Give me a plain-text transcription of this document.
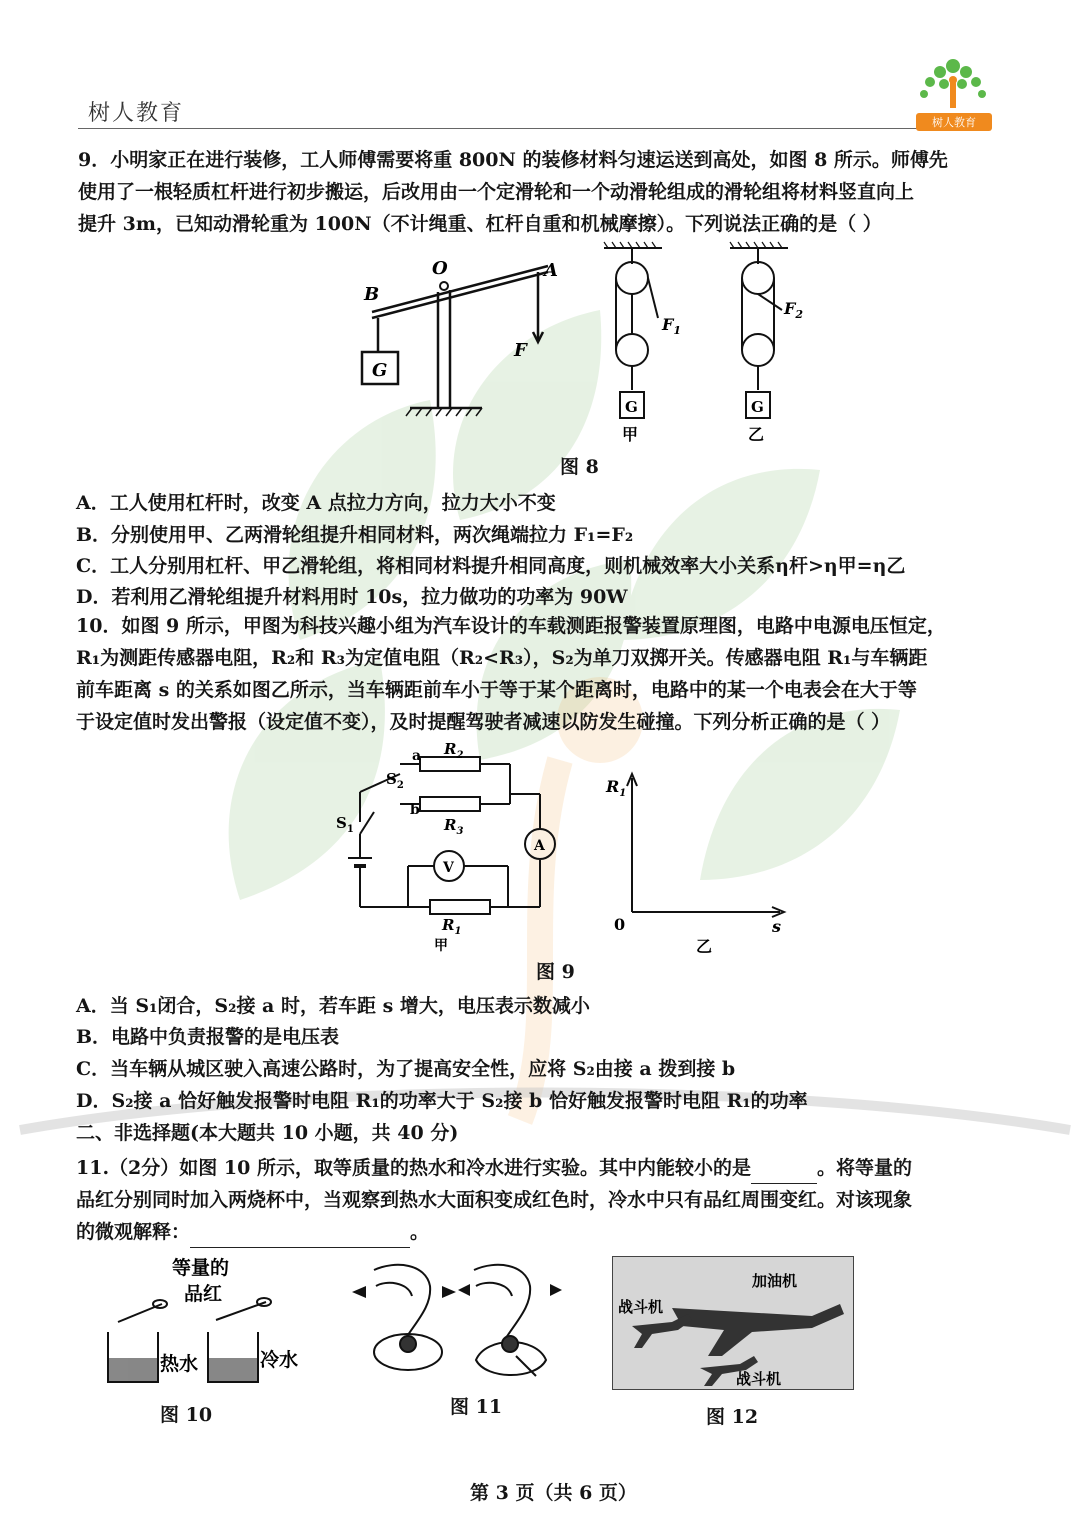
树人教育	树人教育
9．小明家正在进行装修，工人师傅需要将重 800N 的装修材料匀速运送到高处，如图 8 所示。师傅先
使用了一根轻质杠杆进行初步搬运，后改用由一个定滑轮和一个动滑轮组成的滑轮组将材料竖直向上
提升 3m，已知动滑轮重为 100N（不计绳重、杠杆自重和机械摩擦）。下列说法正确的是（ ）
B
O	A
F
G
$F_1$
G
甲
$F_2$
G
乙
图 8
A．工人使用杠杆时，改变 A 点拉力方向，拉力大小不变
B．分别使用甲、乙两滑轮组提升相同材料，两次绳端拉力 F₁=F₂
C．工人分别用杠杆、甲乙滑轮组，将相同材料提升相同高度，则机械效率大小关系η杆>η甲=η乙
D．若利用乙滑轮组提升材料用时 10s，拉力做功的功率为 90W
10．如图 9 所示，甲图为科技兴趣小组为汽车设计的车载测距报警装置原理图，电路中电源电压恒定，
R₁为测距传感器电阻，R₂和 R₃为定值电阻（R₂<R₃），S₂为单刀双掷开关。传感器电阻 R₁与车辆距
前车距离 s 的关系如图乙所示，当车辆距前车小于等于某个距离时，电路中的某一个电表会在大于等
于设定值时发出警报（设定值不变），及时提醒驾驶者减速以防发生碰撞。下列分析正确的是（ ）
$S_1$
$S_2$
a
b
$R_2$
$R_3$
$R_1$
A
V
甲
$R_1$
s
0
乙
图 9
A．当 S₁闭合，S₂接 a 时，若车距 s 增大，电压表示数减小
B．电路中负责报警的是电压表
C．当车辆从城区驶入高速公路时，为了提高安全性，应将 S₂由接 a 拨到接 b
D．S₂接 a 恰好触发报警时电阻 R₁的功率大于 S₂接 b 恰好触发报警时电阻 R₁的功率
二、非选择题(本大题共 10 小题，共 40 分)
11.（2分）如图 10 所示，取等质量的热水和冷水进行实验。其中内能较小的是	。将等量的
品红分别同时加入两烧杯中，当观察到热水大面积变成红色时，冷水中只有品红周围变红。对该现象
的微观解释：	。
等量的
品红
热水	冷水
图 10	图 11
加油机
战斗机
战斗机
图 12
第 3 页（共 6 页）
